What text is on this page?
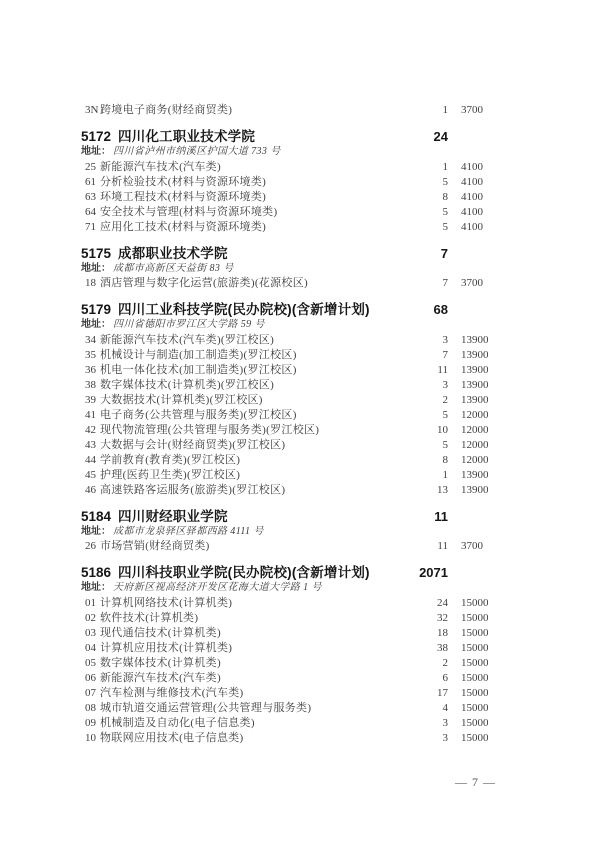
3N 跨境电子商务(财经商贸类)	1 3700
5172 四川化工职业技术学院	24
地址： 四川省泸州市纳溪区护国大道 733 号
25 新能源汽车技术(汽车类)	1 4100
61 分析检验技术(材料与资源环境类)	5 4100
63 环境工程技术(材料与资源环境类)	8 4100
64 安全技术与管理(材料与资源环境类)	5 4100
71 应用化工技术(材料与资源环境类)	5 4100
5175 成都职业技术学院	7
地址： 成都市高新区天益街 83 号
18 酒店管理与数字化运营(旅游类)(花源校区)	7 3700
5179 四川工业科技学院(民办院校)(含新增计划)	68
地址： 四川省德阳市罗江区大学路 59 号
34 新能源汽车技术(汽车类)(罗江校区)	3 13900
35 机械设计与制造(加工制造类)(罗江校区)	7 13900
36 机电一体化技术(加工制造类)(罗江校区)	11 13900
38 数字媒体技术(计算机类)(罗江校区)	3 13900
39 大数据技术(计算机类)(罗江校区)	2 13900
41 电子商务(公共管理与服务类)(罗江校区)	5 12000
42 现代物流管理(公共管理与服务类)(罗江校区)	10 12000
43 大数据与会计(财经商贸类)(罗江校区)	5 12000
44 学前教育(教育类)(罗江校区)	8 12000
45 护理(医药卫生类)(罗江校区)	1 13900
46 高速铁路客运服务(旅游类)(罗江校区)	13 13900
5184 四川财经职业学院	11
地址： 成都市龙泉驿区驿都西路 4111 号
26 市场营销(财经商贸类)	11 3700
5186 四川科技职业学院(民办院校)(含新增计划)	2071
地址： 天府新区视高经济开发区花海大道大学路 1 号
01 计算机网络技术(计算机类)	24 15000
02 软件技术(计算机类)	32 15000
03 现代通信技术(计算机类)	18 15000
04 计算机应用技术(计算机类)	38 15000
05 数字媒体技术(计算机类)	2 15000
06 新能源汽车技术(汽车类)	6 15000
07 汽车检测与维修技术(汽车类)	17 15000
08 城市轨道交通运营管理(公共管理与服务类)	4 15000
09 机械制造及自动化(电子信息类)	3 15000
10 物联网应用技术(电子信息类)	3 15000
— 7 —
